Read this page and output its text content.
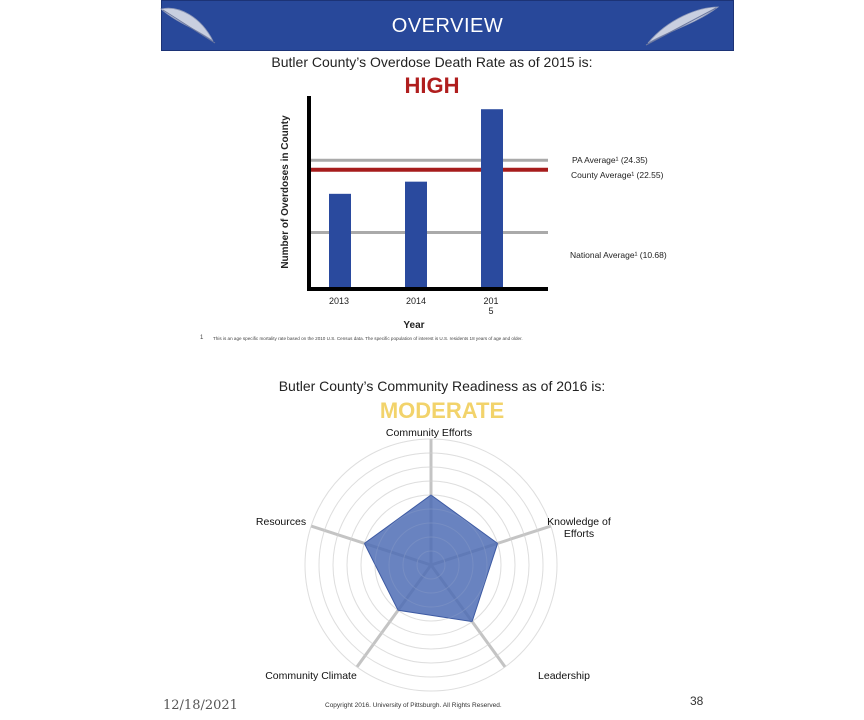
OVERVIEW
Butler County’s Overdose Death Rate as of 2015 is:
HIGH
PA Average¹ (24.35)
County Average¹ (22.55)
National Average¹ (10.68)
2013	2014	201 5
Year
Number of Overdoses in County
1 This is an age specific mortality rate based on the 2010 U.S. Census data. The specific population of interest is U.S. residents 18 years of age and older.
Butler County’s Community Readiness as of 2016 is:
MODERATE
Community Efforts
Knowledge of Efforts
Leadership
Community Climate
Resources
12/18/2021	Copyright 2016. University of Pittsburgh. All Rights Reserved.	38
